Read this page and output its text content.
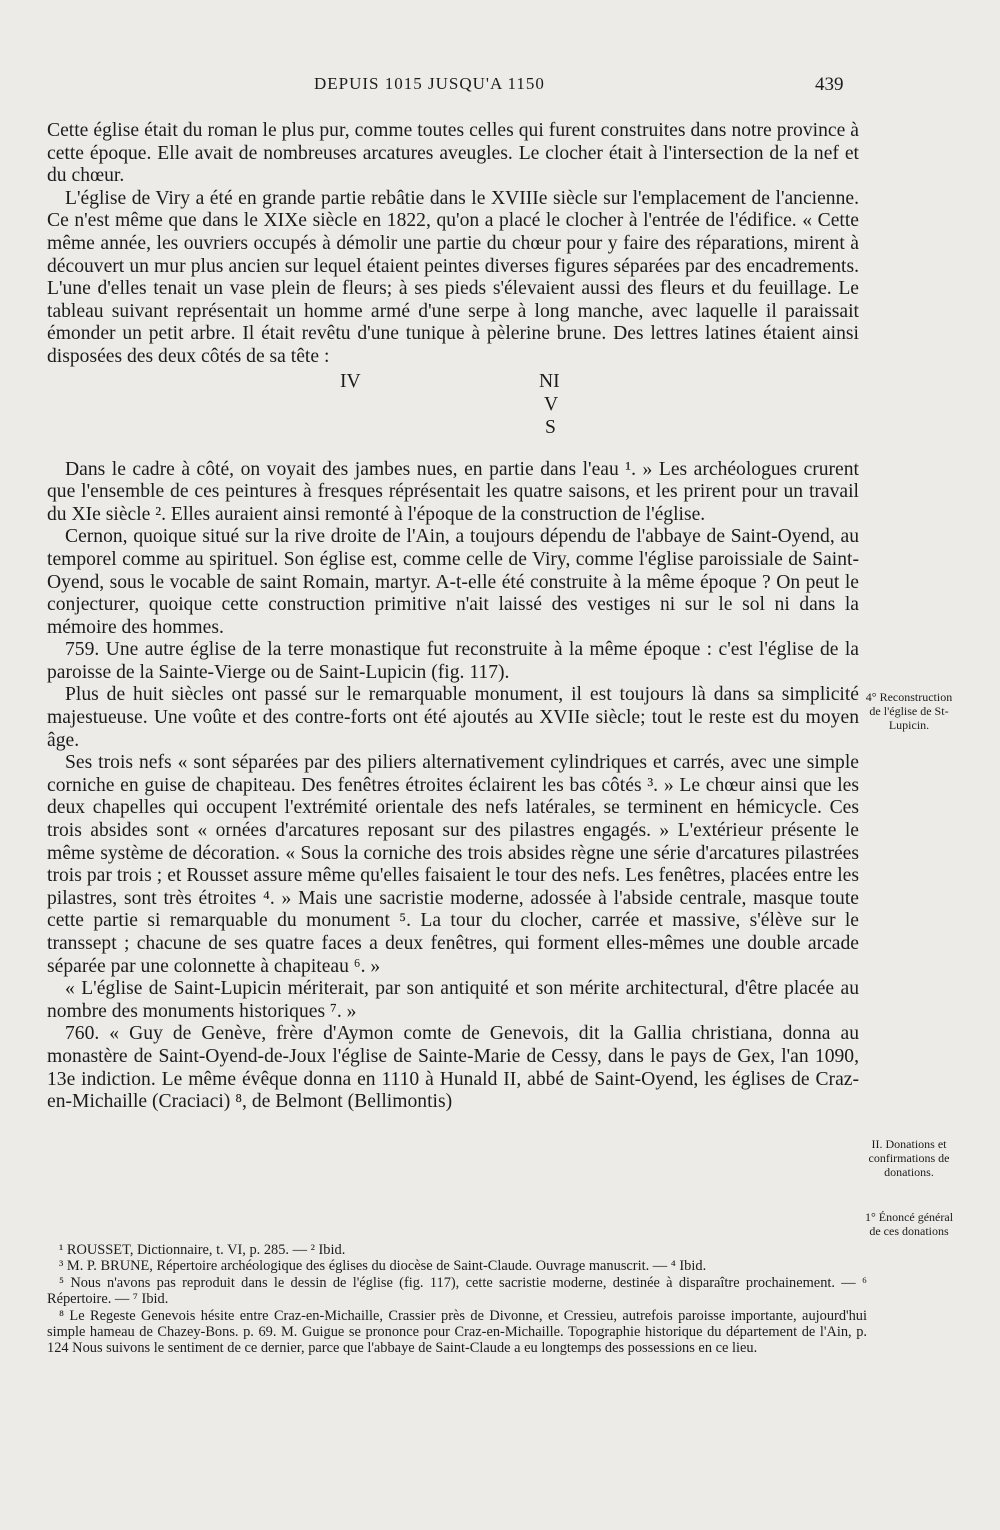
DEPUIS 1015 JUSQU'A 1150	439

Cette église était du roman le plus pur, comme toutes celles qui furent construites dans notre province à cette époque. Elle avait de nombreuses arcatures aveugles. Le clocher était à l'intersection de la nef et du chœur.

L'église de Viry a été en grande partie rebâtie dans le XVIIIe siècle sur l'emplacement de l'ancienne. Ce n'est même que dans le XIXe siècle en 1822, qu'on a placé le clocher à l'entrée de l'édifice. « Cette même année, les ouvriers occupés à démolir une partie du chœur pour y faire des réparations, mirent à découvert un mur plus ancien sur lequel étaient peintes diverses figures séparées par des encadrements. L'une d'elles tenait un vase plein de fleurs; à ses pieds s'élevaient aussi des fleurs et du feuillage. Le tableau suivant représentait un homme armé d'une serpe à long manche, avec laquelle il paraissait émonder un petit arbre. Il était revêtu d'une tunique à pèlerine brune. Des lettres latines étaient ainsi disposées des deux côtés de sa tête :

IV	NI
V
S

Dans le cadre à côté, on voyait des jambes nues, en partie dans l'eau ¹. » Les archéologues crurent que l'ensemble de ces peintures à fresques réprésentait les quatre saisons, et les prirent pour un travail du XIe siècle ². Elles auraient ainsi remonté à l'époque de la construction de l'église.

Cernon, quoique situé sur la rive droite de l'Ain, a toujours dépendu de l'abbaye de Saint-Oyend, au temporel comme au spirituel. Son église est, comme celle de Viry, comme l'église paroissiale de Saint-Oyend, sous le vocable de saint Romain, martyr. A-t-elle été construite à la même époque ? On peut le conjecturer, quoique cette construction primitive n'ait laissé des vestiges ni sur le sol ni dans la mémoire des hommes.

759. Une autre église de la terre monastique fut reconstruite à la même époque : c'est l'église de la paroisse de la Sainte-Vierge ou de Saint-Lupicin (fig. 117).

Plus de huit siècles ont passé sur le remarquable monument, il est toujours là dans sa simplicité majestueuse. Une voûte et des contre-forts ont été ajoutés au XVIIe siècle; tout le reste est du moyen âge.

Ses trois nefs « sont séparées par des piliers alternativement cylindriques et carrés, avec une simple corniche en guise de chapiteau. Des fenêtres étroites éclairent les bas côtés ³. » Le chœur ainsi que les deux chapelles qui occupent l'extrémité orientale des nefs latérales, se terminent en hémicycle. Ces trois absides sont « ornées d'arcatures reposant sur des pilastres engagés. » L'extérieur présente le même système de décoration. « Sous la corniche des trois absides règne une série d'arcatures pilastrées trois par trois ; et Rousset assure même qu'elles faisaient le tour des nefs. Les fenêtres, placées entre les pilastres, sont très étroites ⁴. » Mais une sacristie moderne, adossée à l'abside centrale, masque toute cette partie si remarquable du monument ⁵. La tour du clocher, carrée et massive, s'élève sur le transsept ; chacune de ses quatre faces a deux fenêtres, qui forment elles-mêmes une double arcade séparée par une colonnette à chapiteau ⁶. »

« L'église de Saint-Lupicin mériterait, par son antiquité et son mérite architectural, d'être placée au nombre des monuments historiques ⁷. »

760. « Guy de Genève, frère d'Aymon comte de Genevois, dit la Gallia christiana, donna au monastère de Saint-Oyend-de-Joux l'église de Sainte-Marie de Cessy, dans le pays de Gex, l'an 1090, 13e indiction. Le même évêque donna en 1110 à Hunald II, abbé de Saint-Oyend, les églises de Craz-en-Michaille (Craciaci) ⁸, de Belmont (Bellimontis)

4° Reconstruction de l'église de St-Lupicin.
II. Donations et confirmations de donations.
1° Énoncé général de ces donations

¹ ROUSSET, Dictionnaire, t. VI, p. 285. — ² Ibid.

³ M. P. BRUNE, Répertoire archéologique des églises du diocèse de Saint-Claude. Ouvrage manuscrit. — ⁴ Ibid.

⁵ Nous n'avons pas reproduit dans le dessin de l'église (fig. 117), cette sacristie moderne, destinée à disparaître prochainement. — ⁶ Répertoire. — ⁷ Ibid.

⁸ Le Regeste Genevois hésite entre Craz-en-Michaille, Crassier près de Divonne, et Cressieu, autrefois paroisse importante, aujourd'hui simple hameau de Chazey-Bons. p. 69. M. Guigue se prononce pour Craz-en-Michaille. Topographie historique du département de l'Ain, p. 124 Nous suivons le sentiment de ce dernier, parce que l'abbaye de Saint-Claude a eu longtemps des possessions en ce lieu.
